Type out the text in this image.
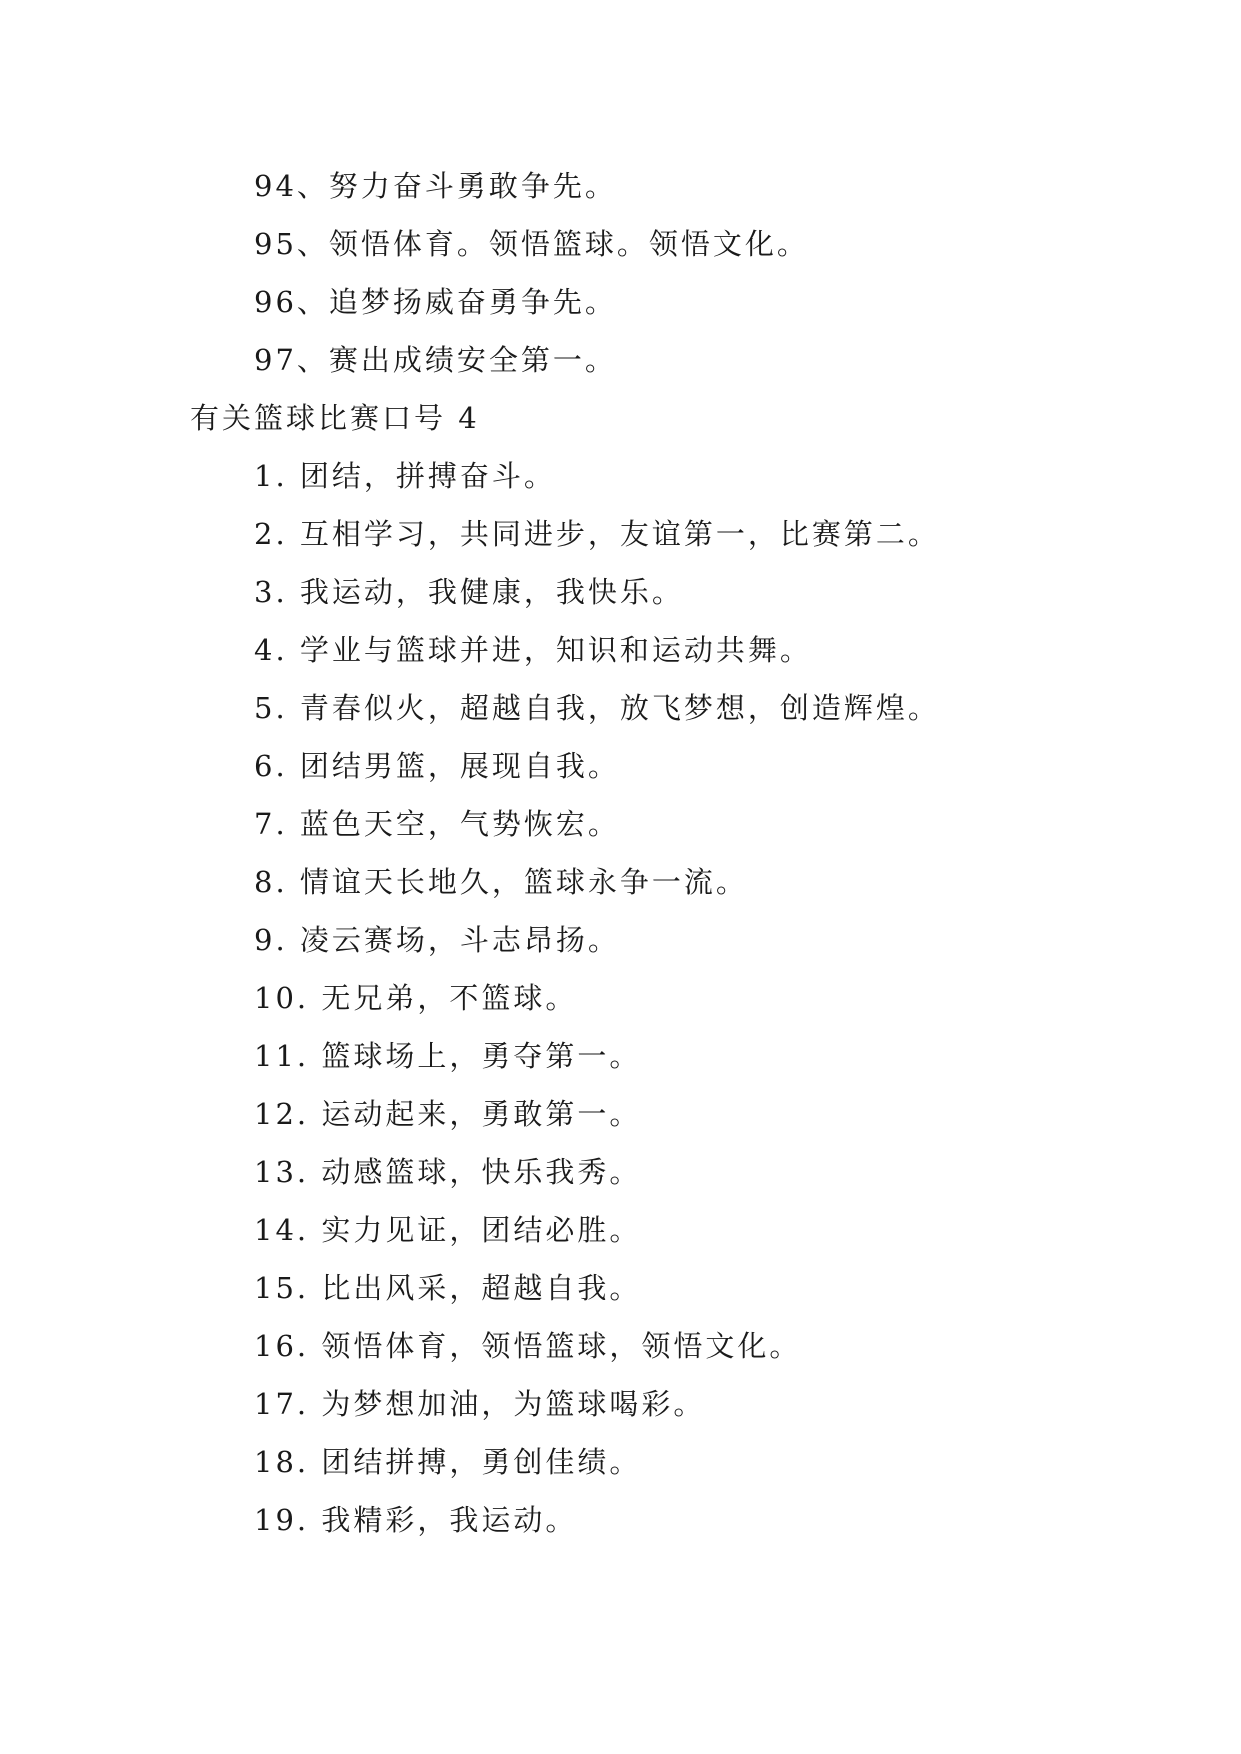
94、努力奋斗勇敢争先。
95、领悟体育。领悟篮球。领悟文化。
96、追梦扬威奋勇争先。
97、赛出成绩安全第一。
有关篮球比赛口号 4
1. 团结，拼搏奋斗。
2. 互相学习，共同进步，友谊第一，比赛第二。
3. 我运动，我健康，我快乐。
4. 学业与篮球并进，知识和运动共舞。
5. 青春似火，超越自我，放飞梦想，创造辉煌。
6. 团结男篮，展现自我。
7. 蓝色天空，气势恢宏。
8. 情谊天长地久，篮球永争一流。
9. 凌云赛场，斗志昂扬。
10. 无兄弟，不篮球。
11. 篮球场上，勇夺第一。
12. 运动起来，勇敢第一。
13. 动感篮球，快乐我秀。
14. 实力见证，团结必胜。
15. 比出风采，超越自我。
16. 领悟体育，领悟篮球，领悟文化。
17. 为梦想加油，为篮球喝彩。
18. 团结拼搏，勇创佳绩。
19. 我精彩，我运动。
